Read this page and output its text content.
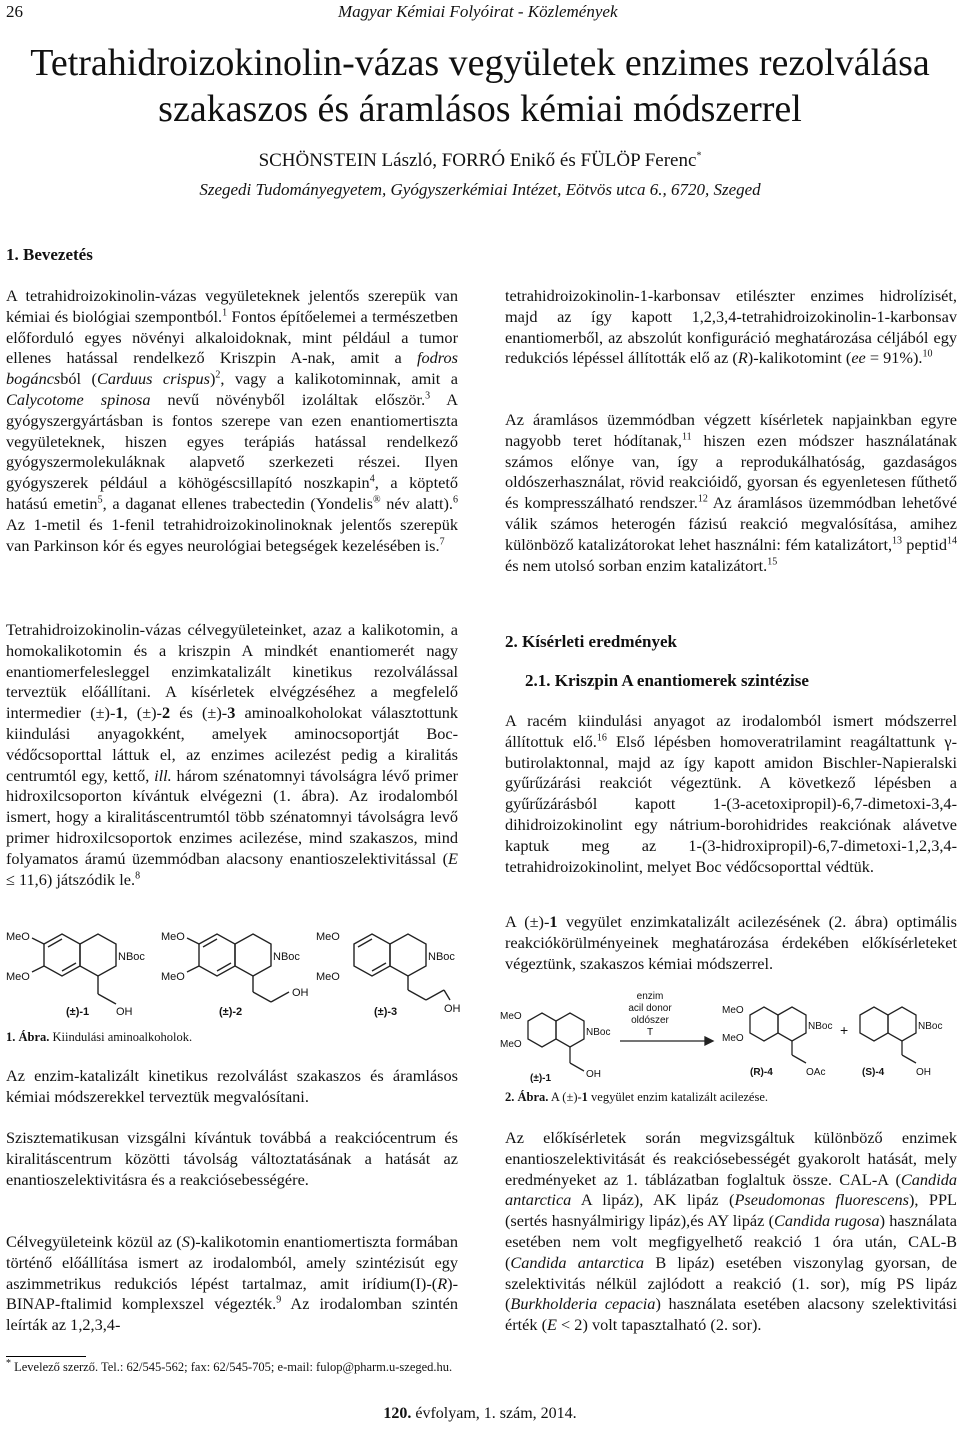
26	Magyar Kémiai Folyóirat - Közlemények
Tetrahidroizokinolin-vázas vegyületek enzimes rezolválása
szakaszos és áramlásos kémiai módszerrel
SCHÖNSTEIN László, FORRÓ Enikő és FÜLÖP Ferenc*
Szegedi Tudományegyetem, Gyógyszerkémiai Intézet, Eötvös utca 6., 6720, Szeged
1. Bevezetés

A tetrahidroizokinolin-vázas vegyületeknek jelentős szerepük van kémiai és biológiai szempontból.$^1$ Fontos építőelemei a természetben előforduló egyes növényi alkaloidoknak, mint például a tumor ellenes hatással rendelkező Kriszpin A-nak, amit a fodros bogáncsból (Carduus crispus)$^2$, vagy a kalikotominnak, amit a Calycotome spinosa nevű növényből izoláltak először.$^3$ A gyógyszergyártásban is fontos szerepe van ezen enantiomertiszta vegyületeknek, hiszen egyes terápiás hatással rendelkező gyógyszermolekuláknak alapvető szerkezeti részei. Ilyen gyógyszerek például a köhögéscsillapító noszkapin$^4$, a köptető hatású emetin$^5$, a daganat ellenes trabectedin (Yondelis® név alatt).$^6$ Az 1-metil és 1-fenil tetrahidroizokinolinoknak jelentős szerepük van Parkinson kór és egyes neurológiai betegségek kezelésében is.$^7$

Tetrahidroizokinolin-vázas célvegyületeinket, azaz a kalikotomin, a homokalikotomin és a kriszpin A mindkét enantiomerét nagy enantiomerfelesleggel enzimkatalizált kinetikus rezolválással terveztük előállítani. A kísérletek elvégzéséhez a megfelelő intermedier (±)-1, (±)-2 és (±)-3 aminoalkoholokat választottunk kiindulási anyagokként, amelyek aminocsoportját Boc-védőcsoporttal láttuk el, az enzimes acilezést pedig a kiralitás centrumtól egy, kettő, ill. három szénatomnyi távolságra lévő primer hidroxilcsoporton kívántuk elvégezni (1. ábra). Az irodalomból ismert, hogy a kiralitáscentrumtól több szénatomnyi távolságra levő primer hidroxilcsoportok enzimes acilezése, mind szakaszos, mind folyamatos áramú üzemmódban alacsony enantioszelektivitással (E ≤ 11,6) játszódik le.$^8$

MeO
MeO
NBoc
OH
(±)-1
MeO
MeO
NBoc
OH
(±)-2
MeO
MeO
NBoc
OH
(±)-3
1. Ábra. Kiindulási aminoalkoholok.

Az enzim-katalizált kinetikus rezolválást szakaszos és áramlásos kémiai módszerekkel terveztük megvalósítani.

Szisztematikusan vizsgálni kívántuk továbbá a reakciócentrum és kiralitáscentrum közötti távolság változtatásának a hatását az enantioszelektivitásra és a reakciósebességére.

Célvegyületeink közül az (S)-kalikotomin enantiomertiszta formában történő előállítása ismert az irodalomból, amely szintézisút egy aszimmetrikus redukciós lépést tartalmaz, amit irídium(I)-(R)-BINAP-ftalimid komplexszel végezték.$^9$ Az irodalomban szintén leírták az 1,2,3,4-

tetrahidroizokinolin-1-karbonsav etilészter enzimes hidrolízisét, majd az így kapott 1,2,3,4-tetrahidroizokinolin-1-karbonsav enantiomerből, az abszolút konfiguráció meghatározása céljából egy redukciós lépéssel állították elő az (R)-kalikotomint (ee = 91%).$^{10}$

Az áramlásos üzemmódban végzett kísérletek napjainkban egyre nagyobb teret hódítanak,$^{11}$ hiszen ezen módszer használatának számos előnye van, így a reprodukálhatóság, gazdaságos oldószerhasználat, rövid reakcióidő, gyorsan és egyenletesen fűthető és kompresszálható rendszer.$^{12}$ Az áramlásos üzemmódban lehetővé válik számos heterogén fázisú reakció megvalósítása, amihez különböző katalizátorokat lehet használni: fém katalizátort,$^{13}$ peptid$^{14}$ és nem utolsó sorban enzim katalizátort.$^{15}$

2. Kísérleti eredmények
2.1. Kriszpin A enantiomerek szintézise

A racém kiindulási anyagot az irodalomból ismert módszerrel állítottuk elő.$^{16}$ Első lépésben homoveratrilamint reagáltattunk γ-butirolaktonnal, majd az így kapott amidon Bischler-Napieralski gyűrűzárási reakciót végeztünk. A következő lépésben a gyűrűzárásból kapott 1-(3-acetoxipropil)-6,7-dimetoxi-3,4-dihidroizokinolint egy nátrium-borohidrides reakciónak alávetve kaptuk meg az 1-(3-hidroxipropil)-6,7-dimetoxi-1,2,3,4-tetrahidroizokinolint, melyet Boc védőcsoporttal védtük.

A (±)-1 vegyület enzimkatalizált acilezésének (2. ábra) optimális reakciókörülményeinek meghatározása érdekében előkísérleteket végeztünk, szakaszos kémiai módszerrel.

MeO
MeO
NBoc
OH
(±)-1
enzim
acil donor
oldószer
T
MeO
MeO
NBoc
OAc
(R)-4
+	NBoc
OH
(S)-4
2. Ábra. A (±)-1 vegyület enzim katalizált acilezése.

Az előkísérletek során megvizsgáltuk különböző enzimek enantioszelektivitását és reakciósebességét gyakorolt hatását, mely eredményeket az 1. táblázatban foglaltuk össze. CAL-A (Candida antarctica A lipáz), AK lipáz (Pseudomonas fluorescens), PPL (sertés hasnyálmirigy lipáz),és AY lipáz (Candida rugosa) használata esetében nem volt megfigyelhető reakció 1 óra után, CAL-B (Candida antarctica B lipáz) esetében viszonylag gyorsan, de szelektivitás nélkül zajlódott a reakció (1. sor), míg PS lipáz (Burkholderia cepacia) használata esetében alacsony szelektivitási érték (E < 2) volt tapasztalható (2. sor).

* Levelező szerző. Tel.: 62/545-562; fax: 62/545-705; e-mail: fulop@pharm.u-szeged.hu.
120. évfolyam, 1. szám, 2014.
